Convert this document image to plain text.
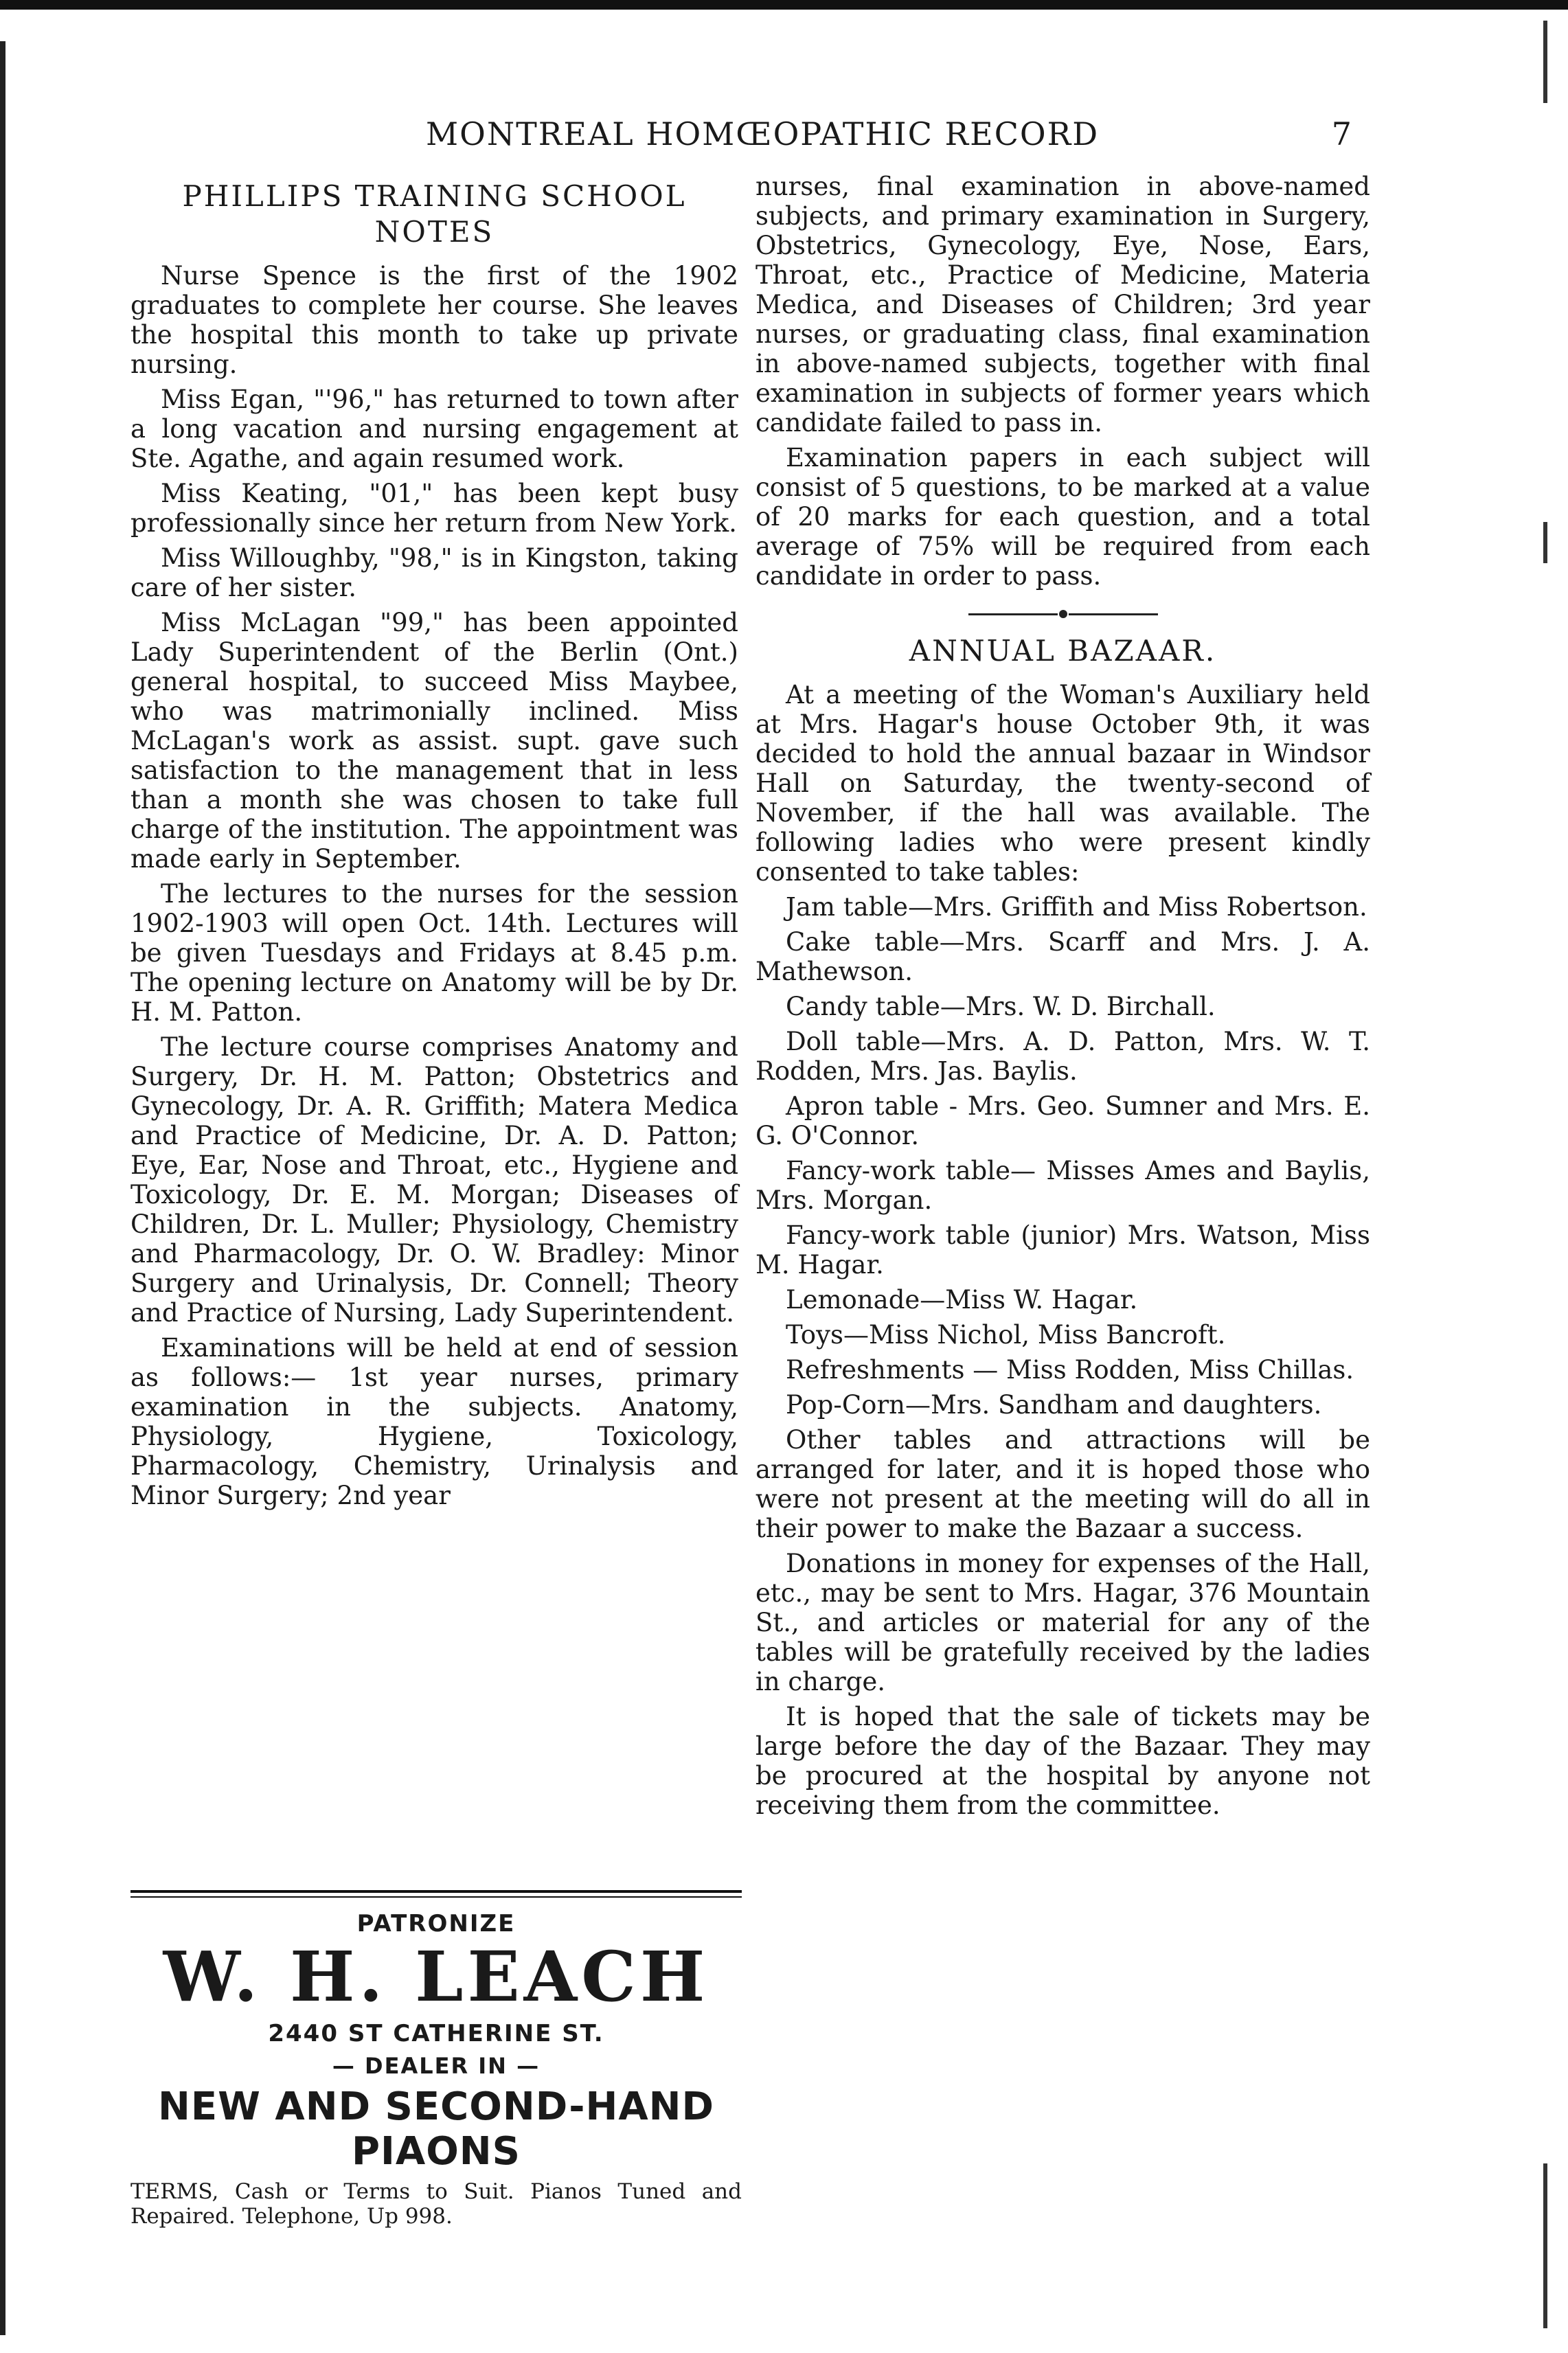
MONTREAL HOMŒOPATHIC RECORD	7
PHILLIPS TRAINING SCHOOL
NOTES

Nurse Spence is the first of the 1902 graduates to complete her course. She leaves the hospital this month to take up private nursing.

Miss Egan, "'96," has returned to town after a long vacation and nursing engagement at Ste. Agathe, and again resumed work.

Miss Keating, "01," has been kept busy professionally since her return from New York.

Miss Willoughby, "98," is in Kingston, taking care of her sister.

Miss McLagan "99," has been appointed Lady Superintendent of the Berlin (Ont.) general hospital, to succeed Miss Maybee, who was matrimonially inclined. Miss McLagan's work as assist. supt. gave such satisfaction to the management that in less than a month she was chosen to take full charge of the institution. The appointment was made early in September.

The lectures to the nurses for the session 1902-1903 will open Oct. 14th. Lectures will be given Tuesdays and Fridays at 8.45 p.m. The opening lecture on Anatomy will be by Dr. H. M. Patton.

The lecture course comprises Anatomy and Surgery, Dr. H. M. Patton; Obstetrics and Gynecology, Dr. A. R. Griffith; Matera Medica and Practice of Medicine, Dr. A. D. Patton; Eye, Ear, Nose and Throat, etc., Hygiene and Toxicology, Dr. E. M. Morgan; Diseases of Children, Dr. L. Muller; Physiology, Chemistry and Pharmacology, Dr. O. W. Bradley: Minor Surgery and Urinalysis, Dr. Connell; Theory and Practice of Nursing, Lady Superintendent.

Examinations will be held at end of session as follows:— 1st year nurses, primary examination in the subjects. Anatomy, Physiology, Hygiene, Toxicology, Pharmacology, Chemistry, Urinalysis and Minor Surgery; 2nd year

PATRONIZE
W. H. LEACH
2440 ST CATHERINE ST.
— DEALER IN —
NEW AND SECOND-HAND PIAONS
TERMS, Cash or Terms to Suit. Pianos Tuned and Repaired. Telephone, Up 998.

nurses, final examination in above-named subjects, and primary examination in Surgery, Obstetrics, Gynecology, Eye, Nose, Ears, Throat, etc., Practice of Medicine, Materia Medica, and Diseases of Children; 3rd year nurses, or graduating class, final examination in above-named subjects, together with final examination in subjects of former years which candidate failed to pass in.

Examination papers in each subject will consist of 5 questions, to be marked at a value of 20 marks for each question, and a total average of 75% will be required from each candidate in order to pass.

ANNUAL BAZAAR.

At a meeting of the Woman's Auxiliary held at Mrs. Hagar's house October 9th, it was decided to hold the annual bazaar in Windsor Hall on Saturday, the twenty-second of November, if the hall was available. The following ladies who were present kindly consented to take tables:

Jam table—Mrs. Griffith and Miss Robertson.

Cake table—Mrs. Scarff and Mrs. J. A. Mathewson.

Candy table—Mrs. W. D. Birchall.

Doll table—Mrs. A. D. Patton, Mrs. W. T. Rodden, Mrs. Jas. Baylis.

Apron table - Mrs. Geo. Sumner and Mrs. E. G. O'Connor.

Fancy-work table— Misses Ames and Baylis, Mrs. Morgan.

Fancy-work table (junior) Mrs. Watson, Miss M. Hagar.

Lemonade—Miss W. Hagar.

Toys—Miss Nichol, Miss Bancroft.

Refreshments — Miss Rodden, Miss Chillas.

Pop-Corn—Mrs. Sandham and daughters.

Other tables and attractions will be arranged for later, and it is hoped those who were not present at the meeting will do all in their power to make the Bazaar a success.

Donations in money for expenses of the Hall, etc., may be sent to Mrs. Hagar, 376 Mountain St., and articles or material for any of the tables will be gratefully received by the ladies in charge.

It is hoped that the sale of tickets may be large before the day of the Bazaar. They may be procured at the hospital by anyone not receiving them from the committee.
